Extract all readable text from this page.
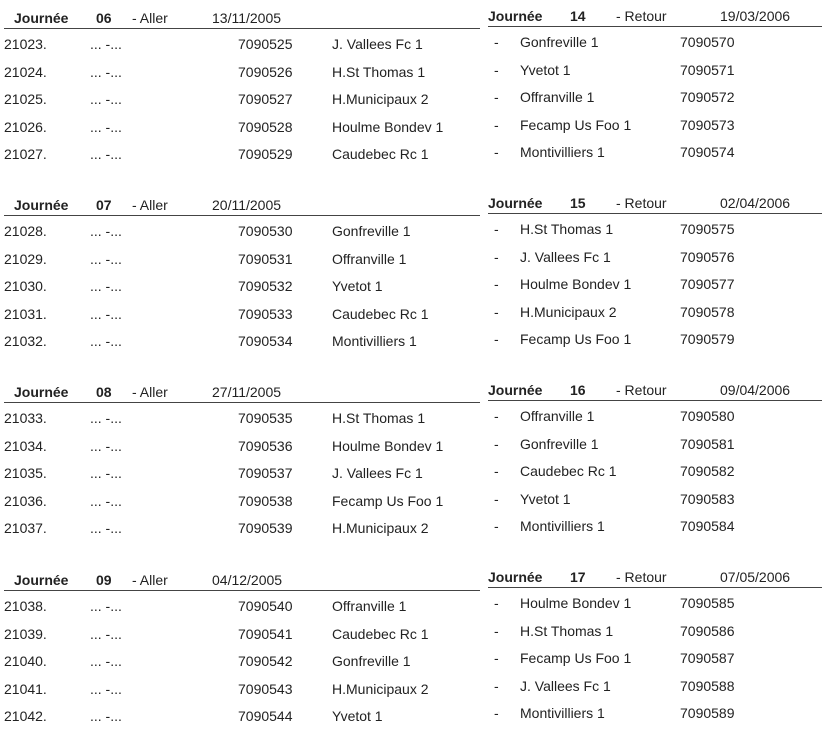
Journée 06 - Aller	13/11/2005
21023.	... -...	7090525	J. Vallees Fc 1
21024.	... -...	7090526	H.St Thomas 1
21025.	... -...	7090527	H.Municipaux 2
21026.	... -...	7090528	Houlme Bondev 1
21027.	... -...	7090529	Caudebec Rc 1
Journée 07 - Aller	20/11/2005
21028.	... -...	7090530	Gonfreville 1
21029.	... -...	7090531	Offranville 1
21030.	... -...	7090532	Yvetot 1
21031.	... -...	7090533	Caudebec Rc 1
21032.	... -...	7090534	Montivilliers 1
Journée 08 - Aller	27/11/2005
21033.	... -...	7090535	H.St Thomas 1
21034.	... -...	7090536	Houlme Bondev 1
21035.	... -...	7090537	J. Vallees Fc 1
21036.	... -...	7090538	Fecamp Us Foo 1
21037.	... -...	7090539	H.Municipaux 2
Journée 09 - Aller	04/12/2005
21038.	... -...	7090540	Offranville 1
21039.	... -...	7090541	Caudebec Rc 1
21040.	... -...	7090542	Gonfreville 1
21041.	... -...	7090543	H.Municipaux 2
21042.	... -...	7090544	Yvetot 1
Journée 14 - Retour	19/03/2006
- Gonfreville 1	7090570
- Yvetot 1	7090571
- Offranville 1	7090572
- Fecamp Us Foo 1	7090573
- Montivilliers 1	7090574
Journée 15 - Retour	02/04/2006
- H.St Thomas 1	7090575
- J. Vallees Fc 1	7090576
- Houlme Bondev 1	7090577
- H.Municipaux 2	7090578
- Fecamp Us Foo 1	7090579
Journée 16 - Retour	09/04/2006
- Offranville 1	7090580
- Gonfreville 1	7090581
- Caudebec Rc 1	7090582
- Yvetot 1	7090583
- Montivilliers 1	7090584
Journée 17 - Retour	07/05/2006
- Houlme Bondev 1	7090585
- H.St Thomas 1	7090586
- Fecamp Us Foo 1	7090587
- J. Vallees Fc 1	7090588
- Montivilliers 1	7090589
